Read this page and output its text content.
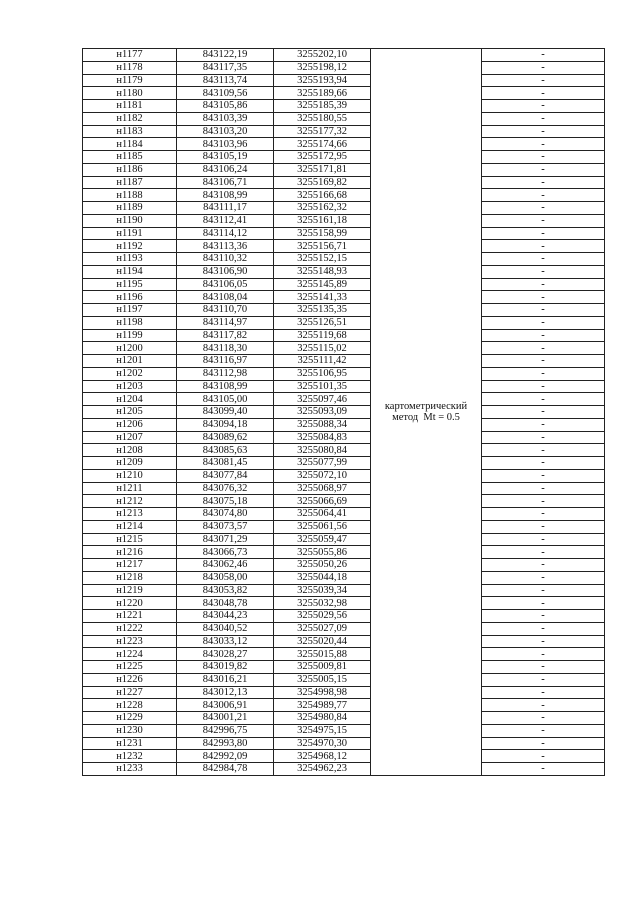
н1177	843122,19	3255202,10	картометрический
метод  Mt = 0.5	-
н1178	843117,35	3255198,12		-
н1179	843113,74	3255193,94		-
н1180	843109,56	3255189,66		-
н1181	843105,86	3255185,39		-
н1182	843103,39	3255180,55		-
н1183	843103,20	3255177,32		-
н1184	843103,96	3255174,66		-
н1185	843105,19	3255172,95		-
н1186	843106,24	3255171,81		-
н1187	843106,71	3255169,82		-
н1188	843108,99	3255166,68		-
н1189	843111,17	3255162,32		-
н1190	843112,41	3255161,18		-
н1191	843114,12	3255158,99		-
н1192	843113,36	3255156,71		-
н1193	843110,32	3255152,15		-
н1194	843106,90	3255148,93		-
н1195	843106,05	3255145,89		-
н1196	843108,04	3255141,33		-
н1197	843110,70	3255135,35		-
н1198	843114,97	3255126,51		-
н1199	843117,82	3255119,68		-
н1200	843118,30	3255115,02		-
н1201	843116,97	3255111,42		-
н1202	843112,98	3255106,95		-
н1203	843108,99	3255101,35		-
н1204	843105,00	3255097,46		-
н1205	843099,40	3255093,09		-
н1206	843094,18	3255088,34		-
н1207	843089,62	3255084,83		-
н1208	843085,63	3255080,84		-
н1209	843081,45	3255077,99		-
н1210	843077,84	3255072,10		-
н1211	843076,32	3255068,97		-
н1212	843075,18	3255066,69		-
н1213	843074,80	3255064,41		-
н1214	843073,57	3255061,56		-
н1215	843071,29	3255059,47		-
н1216	843066,73	3255055,86		-
н1217	843062,46	3255050,26		-
н1218	843058,00	3255044,18		-
н1219	843053,82	3255039,34		-
н1220	843048,78	3255032,98		-
н1221	843044,23	3255029,56		-
н1222	843040,52	3255027,09		-
н1223	843033,12	3255020,44		-
н1224	843028,27	3255015,88		-
н1225	843019,82	3255009,81		-
н1226	843016,21	3255005,15		-
н1227	843012,13	3254998,98		-
н1228	843006,91	3254989,77		-
н1229	843001,21	3254980,84		-
н1230	842996,75	3254975,15		-
н1231	842993,80	3254970,30		-
н1232	842992,09	3254968,12		-
н1233	842984,78	3254962,23		-
